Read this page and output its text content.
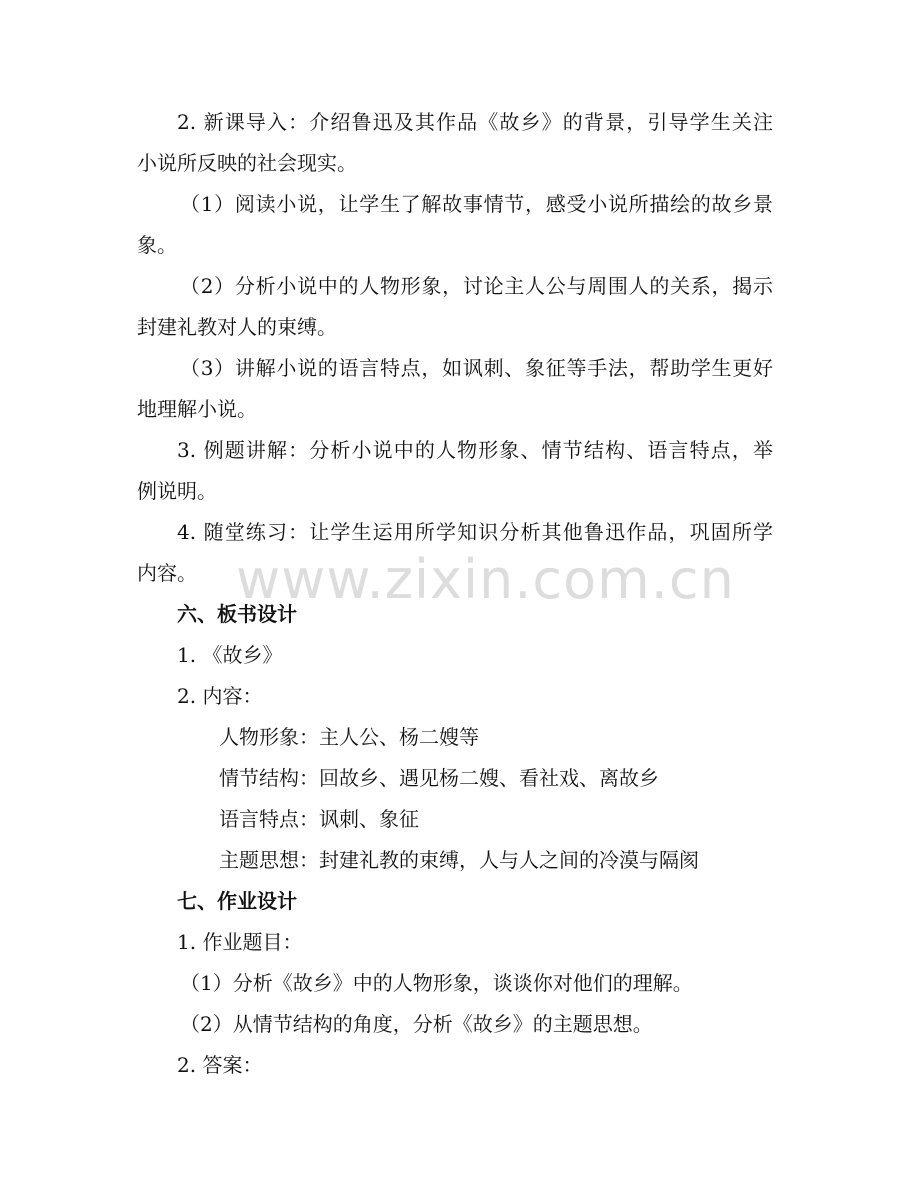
2. 新课导入：介绍鲁迅及其作品《故乡》的背景，引导学生关注
小说所反映的社会现实。
（1）阅读小说，让学生了解故事情节，感受小说所描绘的故乡景
象。
（2）分析小说中的人物形象，讨论主人公与周围人的关系，揭示
封建礼教对人的束缚。
（3）讲解小说的语言特点，如讽刺、象征等手法，帮助学生更好
地理解小说。
3. 例题讲解：分析小说中的人物形象、情节结构、语言特点，举
例说明。
4. 随堂练习：让学生运用所学知识分析其他鲁迅作品，巩固所学
内容。
六、板书设计
1. 《故乡》
2. 内容：
人物形象：主人公、杨二嫂等
情节结构：回故乡、遇见杨二嫂、看社戏、离故乡
语言特点：讽刺、象征
主题思想：封建礼教的束缚，人与人之间的冷漠与隔阂
七、作业设计
1. 作业题目：
（1）分析《故乡》中的人物形象，谈谈你对他们的理解。
（2）从情节结构的角度，分析《故乡》的主题思想。
2. 答案：
www.zixin.com.cn
